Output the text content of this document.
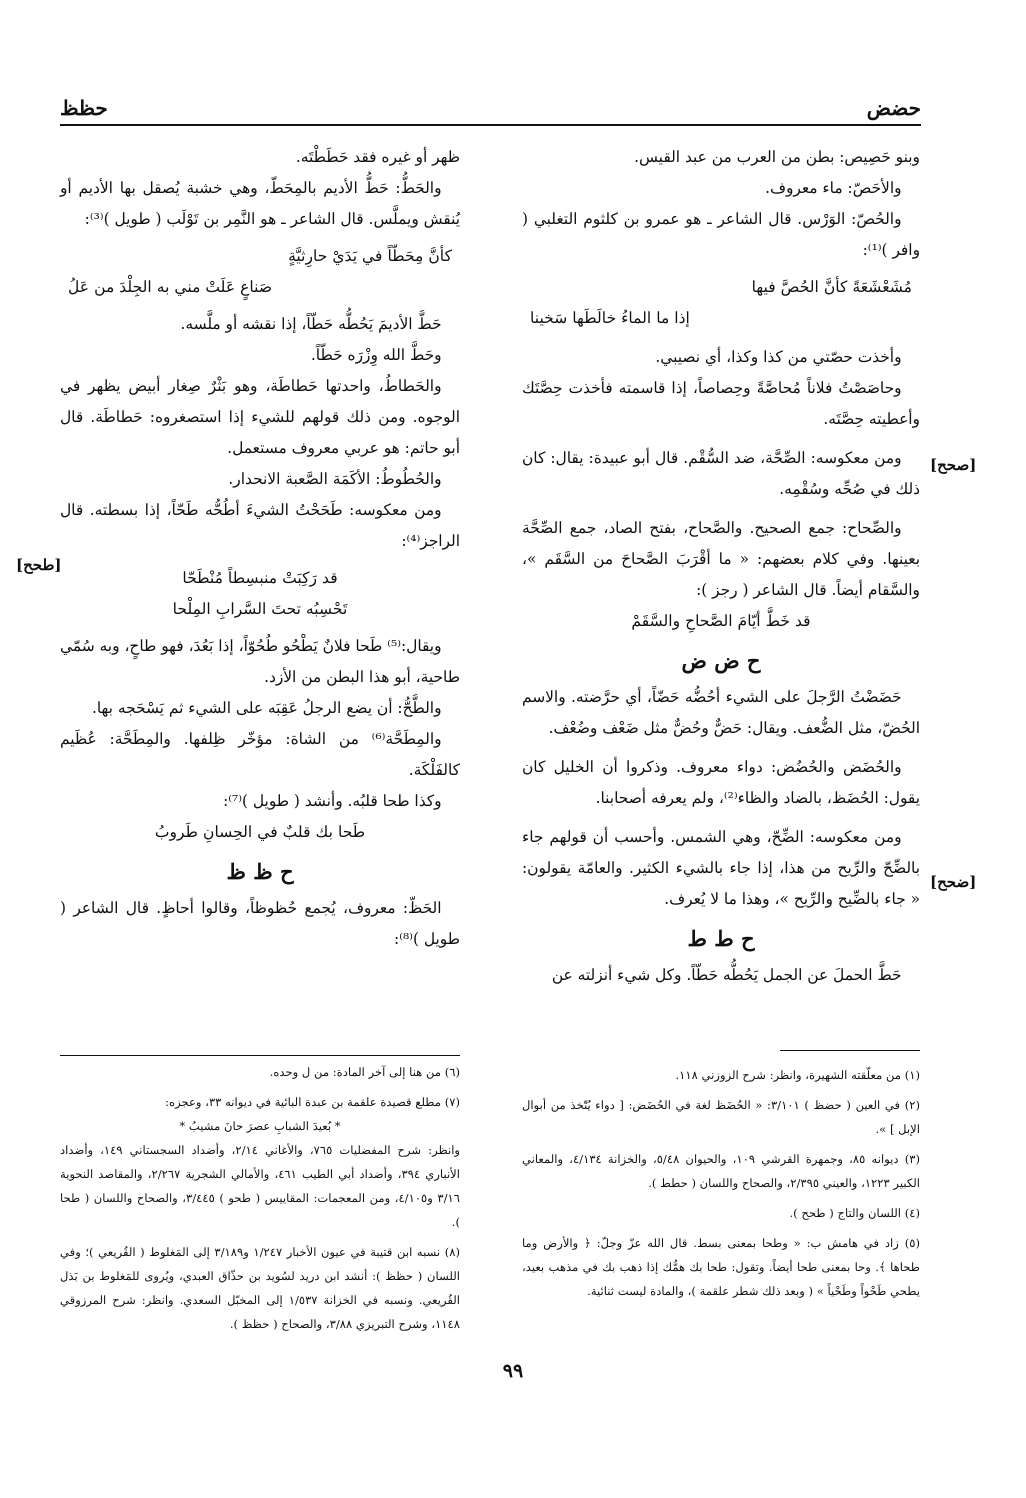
حضض
حظظ

وبنو حَصِيص: بطن من العرب من عبد القيس.

والأحَصّ: ماء معروف.

والحُصّ: الوَرْس. قال الشاعر ـ هو عمرو بن كلثوم التغلبي ( وافر )⁽¹⁾:

مُشَعْشَعَةً كأنَّ الحُصَّ فيها

إذا ما الماءُ خالَطَها سَخينا

وأخذت حصّتي من كذا وكذا، أي نصيبي.

وحاصَصْتُ فلاناً مُحاصَّةً وحِصاصاً، إذا قاسمته فأخذت حِصَّتَك وأعطيته حِصَّتَه.

ومن معكوسه: الصِّحَّة، ضد السُّقْم. قال أبو عبيدة: يقال: كان ذلك في صُحِّه وسُقْمِه.

والصِّحاح: جمع الصحيح. والصَّحاح، بفتح الصاد، جمع الصِّحَّة بعينها. وفي كلام بعضهم: « ما أقْرَبَ الصَّحاحَ من السَّقَم »، والسَّقام أيضاً. قال الشاعر ( رجز ):

قد خَطَّ أيّامَ الصَّحاحِ والسَّقَمْ

ح ض ض

حَضَضْتُ الرَّجلَ على الشيء أحُضُّه حَضّاً، أي حرَّضته. والاسم الحُضّ، مثل الضُّعف. ويقال: حَضٌّ وحُضٌّ مثل ضَعْف وضُعْف.

والحُضَض والحُضُض: دواء معروف. وذكروا أن الخليل كان يقول: الحُضَظ، بالضاد والظاء⁽²⁾، ولم يعرفه أصحابنا.

ومن معكوسه: الضِّحّ، وهي الشمس. وأحسب أن قولهم جاء بالضِّحّ والرِّيح من هذا، إذا جاء بالشيء الكثير. والعامّة يقولون: « جاء بالضِّيح والرِّيح »، وهذا ما لا يُعرف.

ح ط ط

حَطَّ الحملَ عن الجمل يَحُطُّه حَطّاً. وكل شيء أنزلته عن

[صحح]
[ضحح]

ظهر أو غيره فقد حَطَطْتَه.

والحَطُّ: حَطُّ الأديم بالمِحَطّ، وهي خشبة يُصقل بها الأديم أو يُنقش ويملَّس. قال الشاعر ـ هو النَّمِر بن تَوْلَب ( طويل )⁽³⁾:

كأنَّ مِحَطّاً في يَدَيْ حارِثيَّةٍ

صَناعٍ عَلَتْ مني به الجِلْدَ من عَلُ

حَطَّ الأديمَ يَحُطُّه حَطّاً، إذا نقشه أو ملَّسه.

وحَطَّ الله وِزْرَه حَطّاً.

والحَطاطُ، واحدتها حَطاطَة، وهو بَثْرٌ صِغار أبيض يظهر في الوجوه. ومن ذلك قولهم للشيء إذا استصغروه: حَطاطَة. قال أبو حاتم: هو عربي معروف مستعمل.

والحُطُوطُ: الأكَمَة الصَّعبة الانحدار.

ومن معكوسه: طَحَحْتُ الشيءَ أطُحُّه طَحّاً، إذا بسطته. قال الراجز⁽⁴⁾:

قد رَكِبَتْ منبسِطاً مُنْطَحّا

تَحْسِبُه تحتَ السَّرابِ المِلْحا

ويقال:⁽⁵⁾ طَحا فلانٌ يَطْحُو طُحُوّاً، إذا بَعُدَ، فهو طاحٍ، وبه سُمّي طاحية، أبو هذا البطن من الأزد.

والطَّحُّ: أن يضع الرجلُ عَقِبَه على الشيء ثم يَسْحَجه بها.

والمِطَحَّة⁽⁶⁾ من الشاة: مؤخّر ظِلفها. والمِطَحَّة: عُظَيم كالفَلْكَة.

وكذا طحا قلبُه. وأنشد ( طويل )⁽⁷⁾:

طَحا بك قلبٌ في الحِسانِ طَروبُ

ح ظ ظ

الحَظّ: معروف، يُجمع حُظوظاً، وقالوا أحاظٍ. قال الشاعر ( طويل )⁽⁸⁾:

[طحح]

(١) من معلّقته الشهيرة، وانظر: شرح الزوزني ١١٨.

(٢) في العين ( حضظ ) ٣/١٠١: « الحُضَظ لغة في الحُضَض: [ دواء يُتّخذ من أبوال الإبل ] ».

(٣) ديوانه ٨٥، وجمهرة القرشي ١٠٩، والحيوان ٥/٤٨، والخزانة ٤/١٣٤، والمعاني الكبير ١٢٢٣، والعيني ٢/٣٩٥، والصحاح واللسان ( حطط ).

(٤) اللسان والتاج ( طحح ).

(٥) زاد في هامش ب: « وطحا بمعنى بسط. قال الله عزّ وجلّ: ﴿ والأرض وما طحاها ﴾. وحا بمعنى طحا أيضاً. وتقول: طحا بك همُّك إذا ذهب بك في مذهب بعيد، يطحي طَحْواً وطَحْياً » ( وبعد ذلك شطر علقمة )، والمادة ليست ثنائية.

(٦) من هنا إلى آخر المادة: من ل وحده.

(٧) مطلع قصيدة علقمة بن عبدة البائية في ديوانه ٣٣، وعجزه:

* بُعيدَ الشبابِ عصرَ حانَ مشيبُ *

وانظر: شرح المفضليات ٧٦٥، والأغاني ٢/١٤، وأضداد السجستاني ١٤٩، وأضداد الأنباري ٣٩٤، وأضداد أبي الطيب ٤٦١، والأمالي الشجرية ٢/٢٦٧، والمقاصد النحوية ٣/١٦ و٤/١٠٥، ومن المعجمات: المقاييس ( طحو ) ٣/٤٤٥، والصحاح واللسان ( طحا ).

(٨) نسبه ابن قتيبة في عيون الأخبار ١/٢٤٧ و٣/١٨٩ إلى المَغلوط ( القُريعي )؛ وفي اللسان ( حظظ ): أنشد ابن دريد لسُويد بن حذّاق العبدي، ويُروى للمَغلوط بن بَذل القُريعي. ونسبه في الخزانة ١/٥٣٧ إلى المخبّل السعدي. وانظر: شرح المرزوقي ١١٤٨، وشرح التبريزي ٣/٨٨، والصحاح ( حظظ ).

٩٩
